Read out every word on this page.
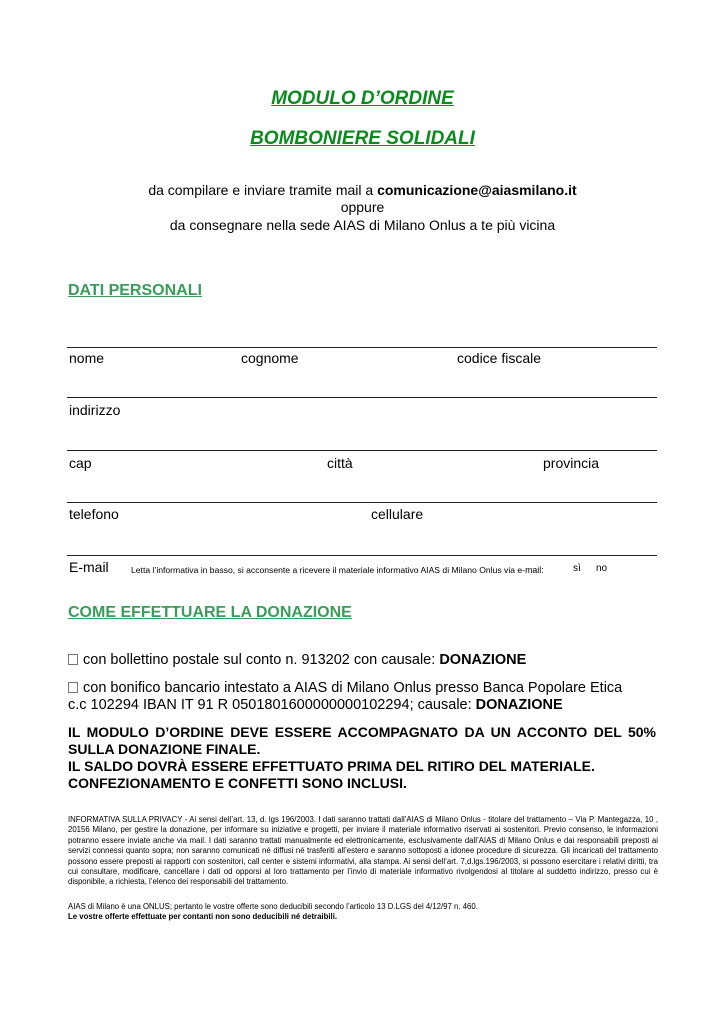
MODULO D’ORDINE
BOMBONIERE SOLIDALI
da compilare e inviare tramite mail a comunicazione@aiasmilano.it
oppure
da consegnare nella sede AIAS di Milano Onlus a te più vicina
DATI PERSONALI
nome	cognome	codice fiscale
indirizzo
cap	città	provincia
telefono	cellulare
E-mail	Letta l’informativa in basso, si acconsente a ricevere il materiale informativo AIAS di Milano Onlus via e-mail:	sì no
COME EFFETTUARE LA DONAZIONE
con bollettino postale sul conto n. 913202 con causale: DONAZIONE
con bonifico bancario intestato a AIAS di Milano Onlus presso Banca Popolare Etica
c.c 102294 IBAN IT 91 R 0501801600000000102294; causale: DONAZIONE
IL MODULO D’ORDINE DEVE ESSERE ACCOMPAGNATO DA UN ACCONTO DEL 50% SULLA DONAZIONE FINALE.
IL SALDO DOVRÀ ESSERE EFFETTUATO PRIMA DEL RITIRO DEL MATERIALE.
CONFEZIONAMENTO E CONFETTI SONO INCLUSI.
INFORMATIVA SULLA PRIVACY - Ai sensi dell’art. 13, d. lgs 196/2003. I dati saranno trattati dall’AIAS di Milano Onlus - titolare del trattamento – Via P. Mantegazza, 10 , 20156 Milano, per gestire la donazione, per informare su iniziative e progetti, per inviare il materiale informativo riservati ai sostenitori. Previo consenso, le informazioni potranno essere inviate anche via mail. I dati saranno trattati manualmente ed elettronicamente, esclusivamente dall’AIAS di Milano Onlus e dai responsabili preposti ai servizi connessi quanto sopra; non saranno comunicati né diffusi né trasferiti all’estero e saranno sottoposti a idonee procedure di sicurezza. Gli incaricati del trattamento possono essere preposti ai rapporti con sostenitori, call center e sistemi informativi, alla stampa. Ai sensi dell’art. 7,d.lgs.196/2003, si possono esercitare i relativi diritti, tra cui consultare, modificare, cancellare i dati od opporsi al loro trattamento per l’invio di materiale informativo rivolgendosi al titolare al suddetto indirizzo, presso cui è disponibile, a richiesta, l’elenco dei responsabili del trattamento.
AIAS di Milano è una ONLUS; pertanto le vostre offerte sono deducibili secondo l’articolo 13 D.LGS del 4/12/97 n. 460.
Le vostre offerte effettuate per contanti non sono deducibili né detraibili.
